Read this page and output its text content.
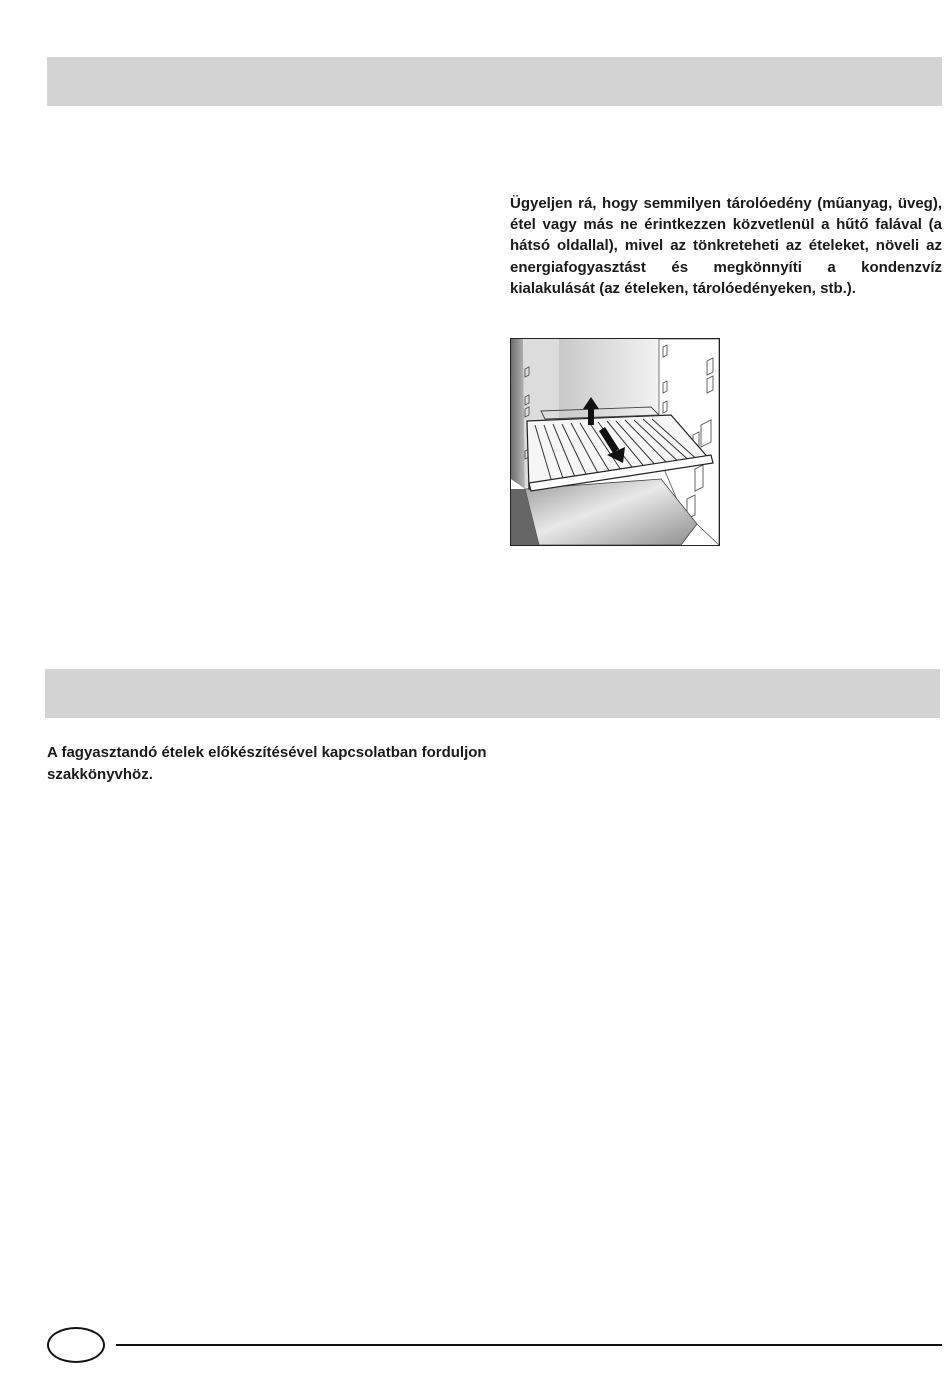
Ügyeljen rá, hogy semmilyen tárolóedény (műanyag, üveg), étel vagy más ne érintkezzen közvetlenül a hűtő falával (a hátsó oldallal), mivel az tönkreteheti az ételeket, növeli az energiafogyasztást és megkönnyíti a kondenzvíz kialakulását (az ételeken, tárolóedényeken, stb.).

A fagyasztandó ételek előkészítésével kapcsolatban forduljon szakkönyvhöz.
